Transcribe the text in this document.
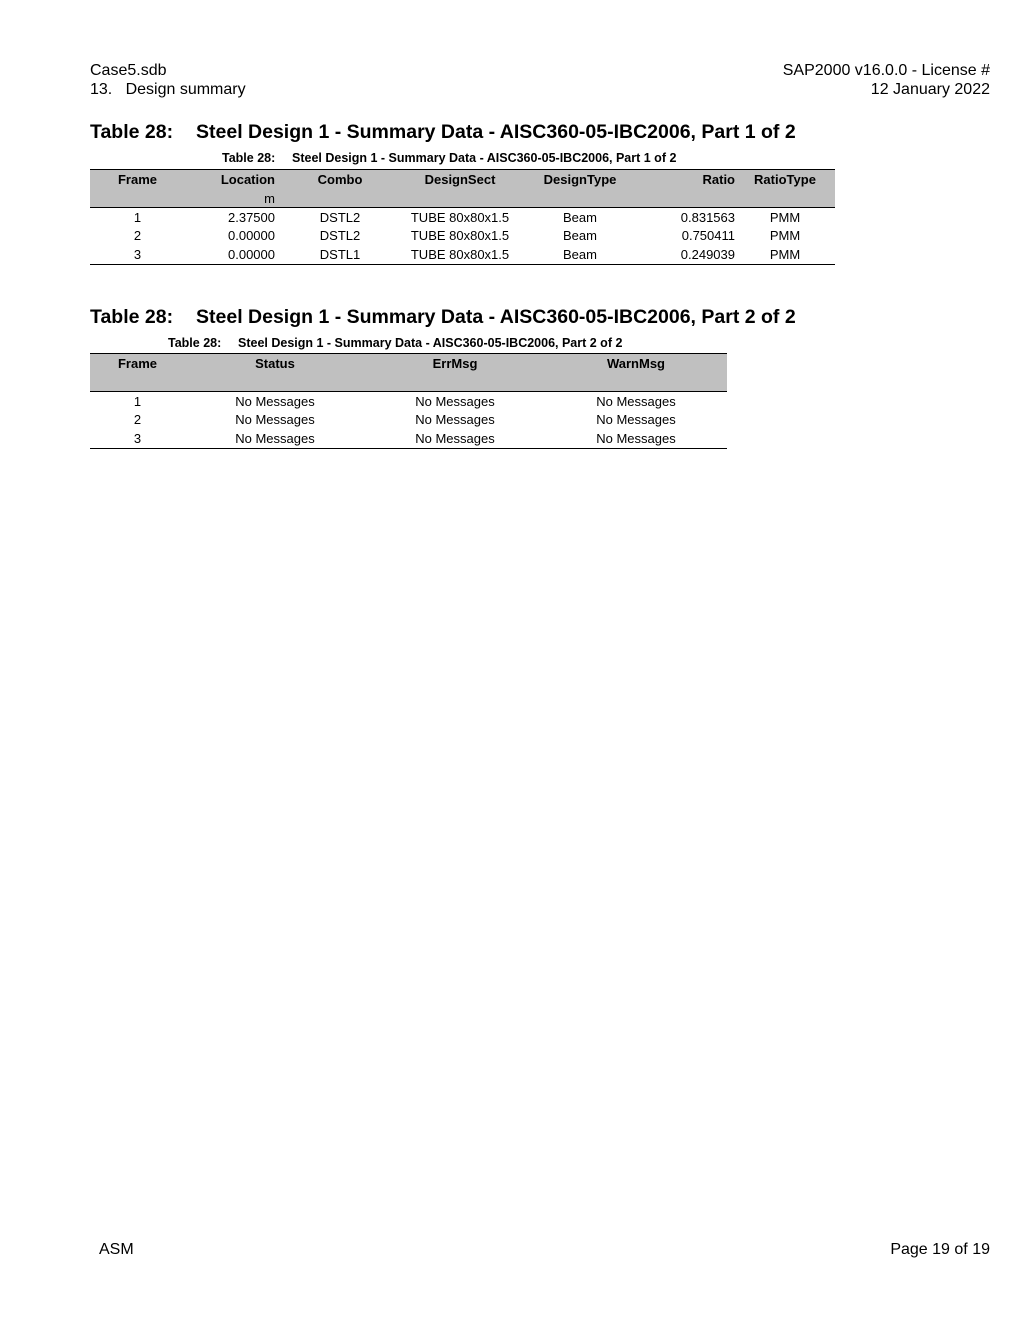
Case5.sdb
13.   Design summary
SAP2000 v16.0.0 - License #
12 January 2022
Table 28: Steel Design 1 - Summary Data - AISC360-05-IBC2006, Part 1 of 2
Table 28: Steel Design 1 - Summary Data - AISC360-05-IBC2006, Part 1 of 2
Frame	Location	Combo	DesignSect	DesignType	Ratio	RatioType
	m					
1	2.37500	DSTL2	TUBE 80x80x1.5	Beam	0.831563	PMM
2	0.00000	DSTL2	TUBE 80x80x1.5	Beam	0.750411	PMM
3	0.00000	DSTL1	TUBE 80x80x1.5	Beam	0.249039	PMM
Table 28: Steel Design 1 - Summary Data - AISC360-05-IBC2006, Part 2 of 2
Table 28: Steel Design 1 - Summary Data - AISC360-05-IBC2006, Part 2 of 2
Frame	Status	ErrMsg	WarnMsg

1	No Messages	No Messages	No Messages
2	No Messages	No Messages	No Messages
3	No Messages	No Messages	No Messages
ASM	Page 19 of 19
